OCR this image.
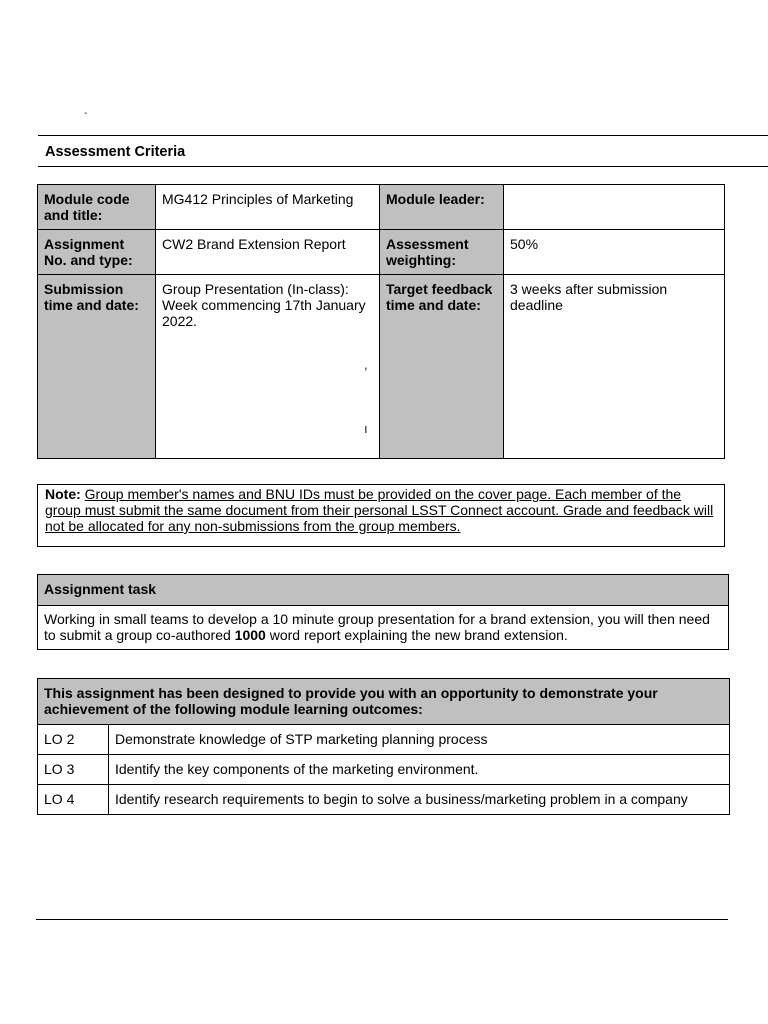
-
Assessment Criteria
Module code and title:	MG412 Principles of Marketing	Module leader:	
Assignment No. and type:	CW2 Brand Extension Report	Assessment weighting:	50%
Submission time and date:	Group Presentation (In-class): Week commencing 17th January 2022.	Target feedback time and date:	3 weeks after submission deadline
,
ı
Note: Group member's names and BNU IDs must be provided on the cover page. Each member of the group must submit the same document from their personal LSST Connect account. Grade and feedback will not be allocated for any non-submissions from the group members.
Assignment task
Working in small teams to develop a 10 minute group presentation for a brand extension, you will then need to submit a group co-authored 1000 word report explaining the new brand extension.
This assignment has been designed to provide you with an opportunity to demonstrate your achievement of the following module learning outcomes:	
LO 2	Demonstrate knowledge of STP marketing planning process
LO 3	Identify the key components of the marketing environment.
LO 4	Identify research requirements to begin to solve a business/marketing problem in a company
